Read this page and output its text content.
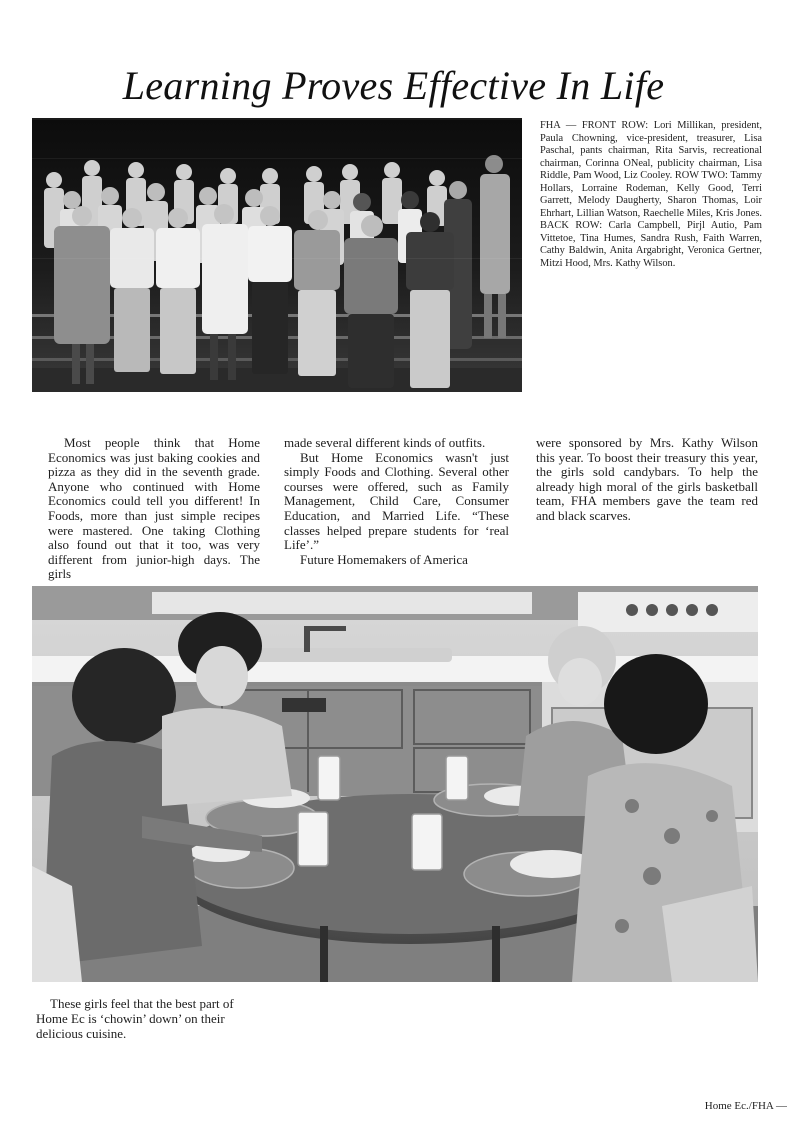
Learning Proves Effective In Life
FHA — FRONT ROW: Lori Millikan, president, Paula Chowning, vice-president, treasurer, Lisa Paschal, pants chairman, Rita Sarvis, recreational chairman, Corinna ONeal, publicity chairman, Lisa Riddle, Pam Wood, Liz Cooley. ROW TWO: Tammy Hollars, Lorraine Rodeman, Kelly Good, Terri Garrett, Melody Daugherty, Sharon Thomas, Loir Ehrhart, Lillian Watson, Raechelle Miles, Kris Jones. BACK ROW: Carla Campbell, Pirjl Autio, Pam Vittetoe, Tina Humes, Sandra Rush, Faith Warren, Cathy Baldwin, Anita Argabright, Veronica Gertner, Mitzi Hood, Mrs. Kathy Wilson.

Most people think that Home Economics was just baking cookies and pizza as they did in the seventh grade. Anyone who continued with Home Economics could tell you different! In Foods, more than just simple recipes were mastered. One taking Clothing also found out that it too, was very different from junior-high days. The girls

made several different kinds of outfits.

But Home Economics wasn't just simply Foods and Clothing. Several other courses were offered, such as Family Management, Child Care, Consumer Education, and Married Life. “These classes helped prepare students for ‘real Life’.”

Future Homemakers of America

were sponsored by Mrs. Kathy Wilson this year. To boost their treasury this year, the girls sold candybars. To help the already high moral of the girls basketball team, FHA members gave the team red and black scarves.

These girls feel that the best part of Home Ec is ‘chowin’ down’ on their delicious cuisine.
Home Ec./FHA —
